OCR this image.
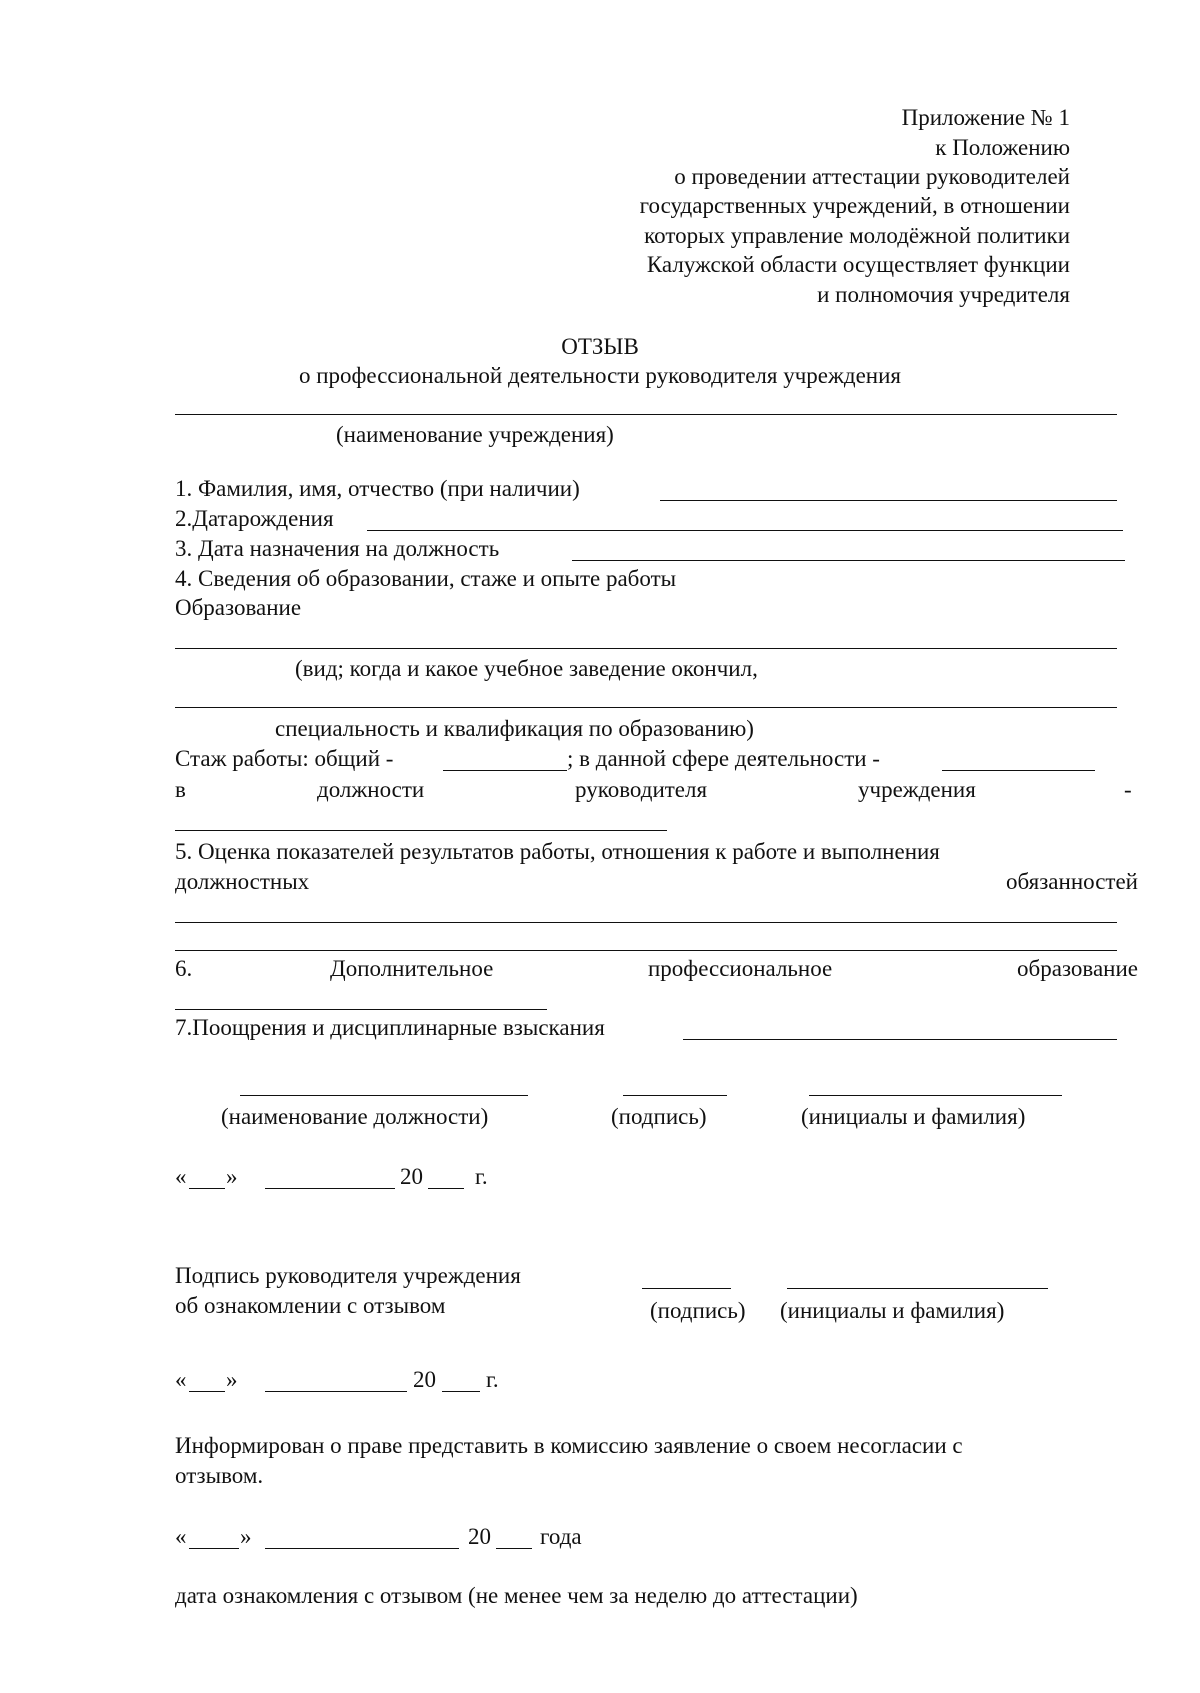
Приложение № 1
к Положению
о проведении аттестации руководителей
государственных учреждений, в отношении
которых управление молодёжной политики
Калужской области осуществляет функции
и полномочия учредителя
ОТЗЫВ
о профессиональной деятельности руководителя учреждения
(наименование учреждения)
1. Фамилия, имя, отчество (при наличии)
2.Датарождения
3. Дата назначения на должность
4. Сведения об образовании, стаже и опыте работы
Образование
(вид; когда и какое учебное заведение окончил,
специальность и квалификация по образованию)
Стаж работы: общий -	; в данной сфере деятельности -
в	должности	руководителя	учреждения	-
5. Оценка показателей результатов работы, отношения к работе и выполнения
должностных	обязанностей
6.	Дополнительное	профессиональное	образование
7.Поощрения и дисциплинарные взыскания
(наименование должности)	(подпись)	(инициалы и фамилия)
« »	20 г.
Подпись руководителя учреждения
об ознакомлении с отзывом	(подпись) (инициалы и фамилия)
« »	20 г.
Информирован о праве представить в комиссию заявление о своем несогласии с
отзывом.
« »	20 года
дата ознакомления с отзывом (не менее чем за неделю до аттестации)
